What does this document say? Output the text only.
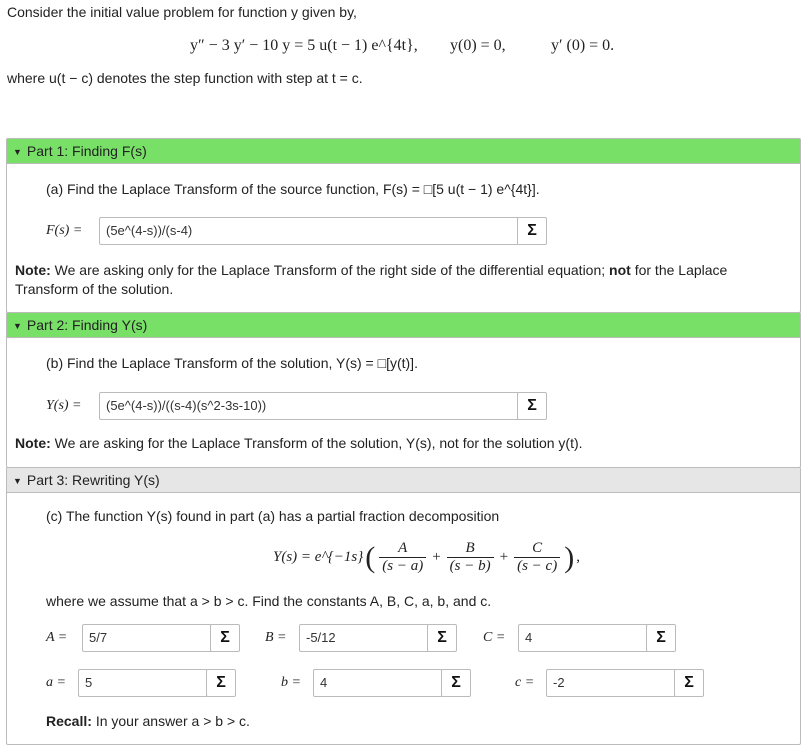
Consider the initial value problem for function y given by,
y″ − 3 y′ − 10 y = 5 u(t − 1) e^{4t}, y(0) = 0,	y′ (0) = 0.
where u(t − c) denotes the step function with step at t = c.
▼ Part 1: Finding F(s)
(a) Find the Laplace Transform of the source function, F(s) = □[5 u(t − 1) e^{4t}].
F(s) =	(5e^(4-s))/(s-4)	Σ
Note: We are asking only for the Laplace Transform of the right side of the differential equation; not for the Laplace Transform of the solution.
▼ Part 2: Finding Y(s)
(b) Find the Laplace Transform of the solution, Y(s) = □[y(t)].
Y(s) =	(5e^(4-s))/((s-4)(s^2-3s-10))	Σ
Note: We are asking for the Laplace Transform of the solution, Y(s), not for the solution y(t).
▼ Part 3: Rewriting Y(s)
(c) The function Y(s) found in part (a) has a partial fraction decomposition
Y(s) = e^{−1s} ( $\frac{A}{(s - a)} + \frac{B}{(s - b)} + \frac{C}{(s - c)}$ ) ,
where we assume that a > b > c. Find the constants A, B, C, a, b, and c.
A =	5/7	Σ	B =	-5/12	Σ	C =	4	Σ
a =	5	Σ	b =	4	Σ	c =	-2	Σ
Recall: In your answer a > b > c.
